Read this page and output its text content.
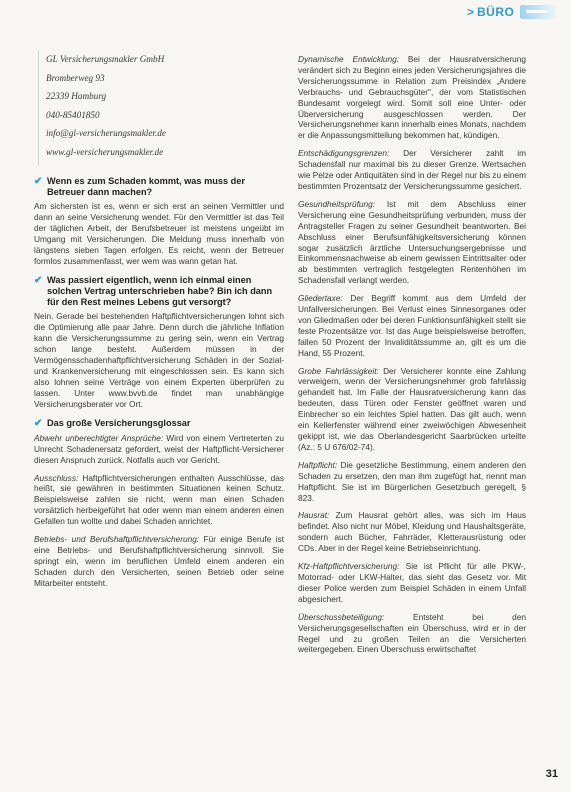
> BÜRO
GL Versicherungsmakler GmbH
Bromberweg 93
22339 Hamburg
040-85401850
info@gl-versicherungsmakler.de
www.gl-versicherungsmakler.de
✔ Wenn es zum Schaden kommt, was muss der Betreuer dann machen?
Am sichersten ist es, wenn er sich erst an seinen Vermittler und dann an seine Versicherung wendet. Für den Vermittler ist das Teil der täglichen Arbeit, der Berufsbetreuer ist meistens ungeübt im Umgang mit Versicherungen. Die Meldung muss innerhalb von längstens sieben Tagen erfolgen. Es reicht, wenn der Betreuer formlos zusammenfasst, wer wem was wann getan hat.
✔ Was passiert eigentlich, wenn ich einmal einen solchen Vertrag unterschrieben habe? Bin ich dann für den Rest meines Lebens gut versorgt?
Nein. Gerade bei bestehenden Haftpflichtversicherungen lohnt sich die Optimierung alle paar Jahre. Denn durch die jährliche Inflation kann die Versicherungssumme zu gering sein, wenn ein Vertrag schon lange besteht. Außerdem müssen in der Vermögensschadenhaftpflichtversicherung Schäden in der Sozial- und Krankenversicherung mit eingeschlossen sein. Es kann sich also lohnen seine Verträge von einem Experten überprüfen zu lassen. Unter www.bvvb.de findet man unabhängige Versicherungsberater vor Ort.
✔ Das große Versicherungsglossar
Abwehr unberechtigter Ansprüche: Wird von einem Vertreterten zu Unrecht Schadenersatz gefordert, weist der Haftpflicht-Versicherer diesen Anspruch zurück. Notfalls auch vor Gericht.
Ausschluss: Haftpflichtversicherungen enthalten Ausschlüsse, das heißt, sie gewähren in bestimmten Situationen keinen Schutz. Beispielsweise zahlen sie nicht, wenn man einen Schaden vorsätzlich herbeigeführt hat oder wenn man einem anderen einen Gefallen tun wollte und dabei Schaden anrichtet.
Betriebs- und Berufshaftpflichtversicherung: Für einige Berufe ist eine Betriebs- und Berufshaftpflichtversicherung sinnvoll. Sie springt ein, wenn im beruflichen Umfeld einem anderen ein Schaden durch den Versicherten, seinen Betrieb oder seine Mitarbeiter entsteht.
Dynamische Entwicklung: Bei der Hausratversicherung verändert sich zu Beginn eines jeden Versicherungsjahres die Versicherungssumme in Relation zum Preisindex „Andere Verbrauchs- und Gebrauchsgüter", der vom Statistischen Bundesamt vorgelegt wird. Somit soll eine Unter- oder Überversicherung ausgeschlossen werden. Der Versicherungsnehmer kann innerhalb eines Monats, nachdem er die Anpassungsmitteilung bekommen hat, kündigen.
Entschädigungsgrenzen: Der Versicherer zahlt im Schadensfall nur maximal bis zu dieser Grenze. Wertsachen wie Pelze oder Antiquitäten sind in der Regel nur bis zu einem bestimmten Prozentsatz der Versicherungssumme gesichert.
Gesundheitsprüfung: Ist mit dem Abschluss einer Versicherung eine Gesundheitsprüfung verbunden, muss der Antragsteller Fragen zu seiner Gesundheit beantworten. Bei Abschluss einer Berufsunfähigkeitsversicherung können sogar zusätzlich ärztliche Untersuchungsergebnisse und Einkommensnachweise ab einem gewissen Eintrittsalter oder ab bestimmten vertraglich festgelegten Rentenhöhen im Schadensfall verlangt werden.
Gliedertaxe: Der Begriff kommt aus dem Umfeld der Unfallversicherungen. Bei Verlust eines Sinnesorganes oder von Gliedmaßen oder bei deren Funktionsunfähigkeit stellt sie feste Prozentsätze vor. Ist das Auge beispielsweise betroffen, fallen 50 Prozent der Invaliditätssumme an, gilt es um die Hand, 55 Prozent.
Grobe Fahrlässigkeit: Der Versicherer konnte eine Zahlung verweigern, wenn der Versicherungsnehmer grob fahrlässig gehandelt hat. Im Falle der Hausratversicherung kann das bedeuten, dass Türen oder Fenster geöffnet waren und Einbrecher so ein leichtes Spiel hatten. Das gilt auch, wenn ein Kellerfenster während einer zweiwöchigen Abwesenheit gekippt ist, wie das Oberlandesgericht Saarbrücken urteilte (Az.: 5 U 676/02-74).
Haftpflicht: Die gesetzliche Bestimmung, einem anderen den Schaden zu ersetzen, den man ihm zugefügt hat, nennt man Haftpflicht. Sie ist im Bürgerlichen Gesetzbuch geregelt, § 823.
Hausrat: Zum Hausrat gehört alles, was sich im Haus befindet. Also nicht nur Möbel, Kleidung und Haushaltsgeräte, sondern auch Bücher, Fahrräder, Kletterausrüstung oder CDs. Aber in der Regel keine Betriebseinrichtung.
Kfz-Haftpflichtversicherung: Sie ist Pflicht für alle PKW-, Motorrad- oder LKW-Halter, das sieht das Gesetz vor. Mit dieser Police werden zum Beispiel Schäden in einem Unfall abgesichert.
Überschussbeteiligung: Entsteht bei den Versicherungsgesellschaften ein Überschuss, wird er in der Regel und zu großen Teilen an die Versicherten weitergegeben. Einen Überschuss erwirtschaftet
31
